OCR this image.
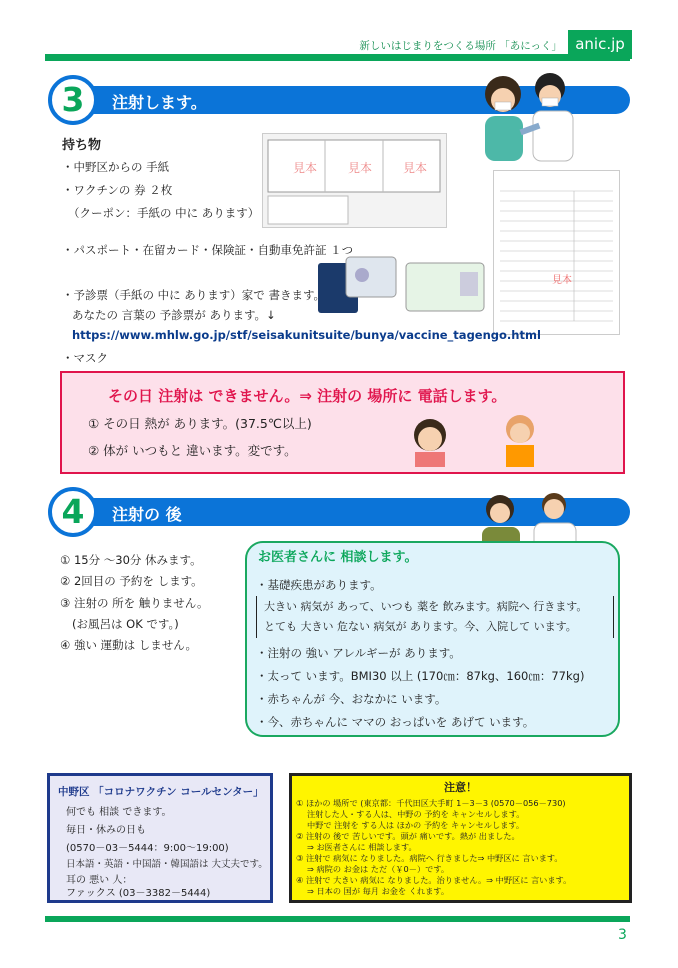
新しいはじまりをつくる場所 「あにっく」 anic.jp
3	注射します。
持ち物
・中野区からの 手紙
・ワクチンの 券 ２枚
（クーポン：手紙の 中に あります）
見本	見本	見本
見本
・パスポート・在留カード・保険証・自動車免許証 １つ
・予診票（手紙の 中に あります）家で 書きます。
あなたの 言葉の 予診票が あります。↓
https://www.mhlw.go.jp/stf/seisakunitsuite/bunya/vaccine_tagengo.html
・マスク
その日 注射は できません。⇒ 注射の 場所に 電話します。
① その日 熱が あります。(37.5℃以上)
② 体が いつもと 違います。変です。
4	注射の 後
① 15分 ～30分 休みます。
② 2回目の 予約を します。
③ 注射の 所を 触りません。
(お風呂は OK です。)
④ 強い 運動は しません。
お医者さんに 相談します。
・基礎疾患があります。
大きい 病気が あって、いつも 薬を 飲みます。病院へ 行きます。
とても 大きい 危ない 病気が あります。今、入院して います。
・注射の 強い アレルギーが あります。
・太って います。BMI30 以上 (170㎝：87kg、160㎝：77kg)
・赤ちゃんが 今、おなかに います。
・今、赤ちゃんに ママの おっぱいを あげて います。
中野区 「コロナワクチン コールセンター」
何でも 相談 できます。
毎日・休みの日も
(0570－03－5444：9:00～19:00)
日本語・英語・中国語・韓国語は 大丈夫です。
耳の 悪い 人：
ファックス (03－3382－5444)
注意！
① ほかの 場所で (東京都：千代田区大手町 1－3－3 (0570－056－730)
注射した人・する人は、中野の 予約を キャンセルします。
中野で 注射を する人は ほかの 予約を キャンセルします。
② 注射の 後で 苦しいです。頭が 痛いです。熱が 出ました。
⇒ お医者さんに 相談します。
③ 注射で 病気に なりました。病院へ 行きました⇒ 中野区に 言います。
⇒ 病院の お金は ただ（￥0－）です。
④ 注射で 大きい 病気に なりました。治りません。⇒ 中野区に 言います。
⇒ 日本の 国が 毎月 お金を くれます。
3
